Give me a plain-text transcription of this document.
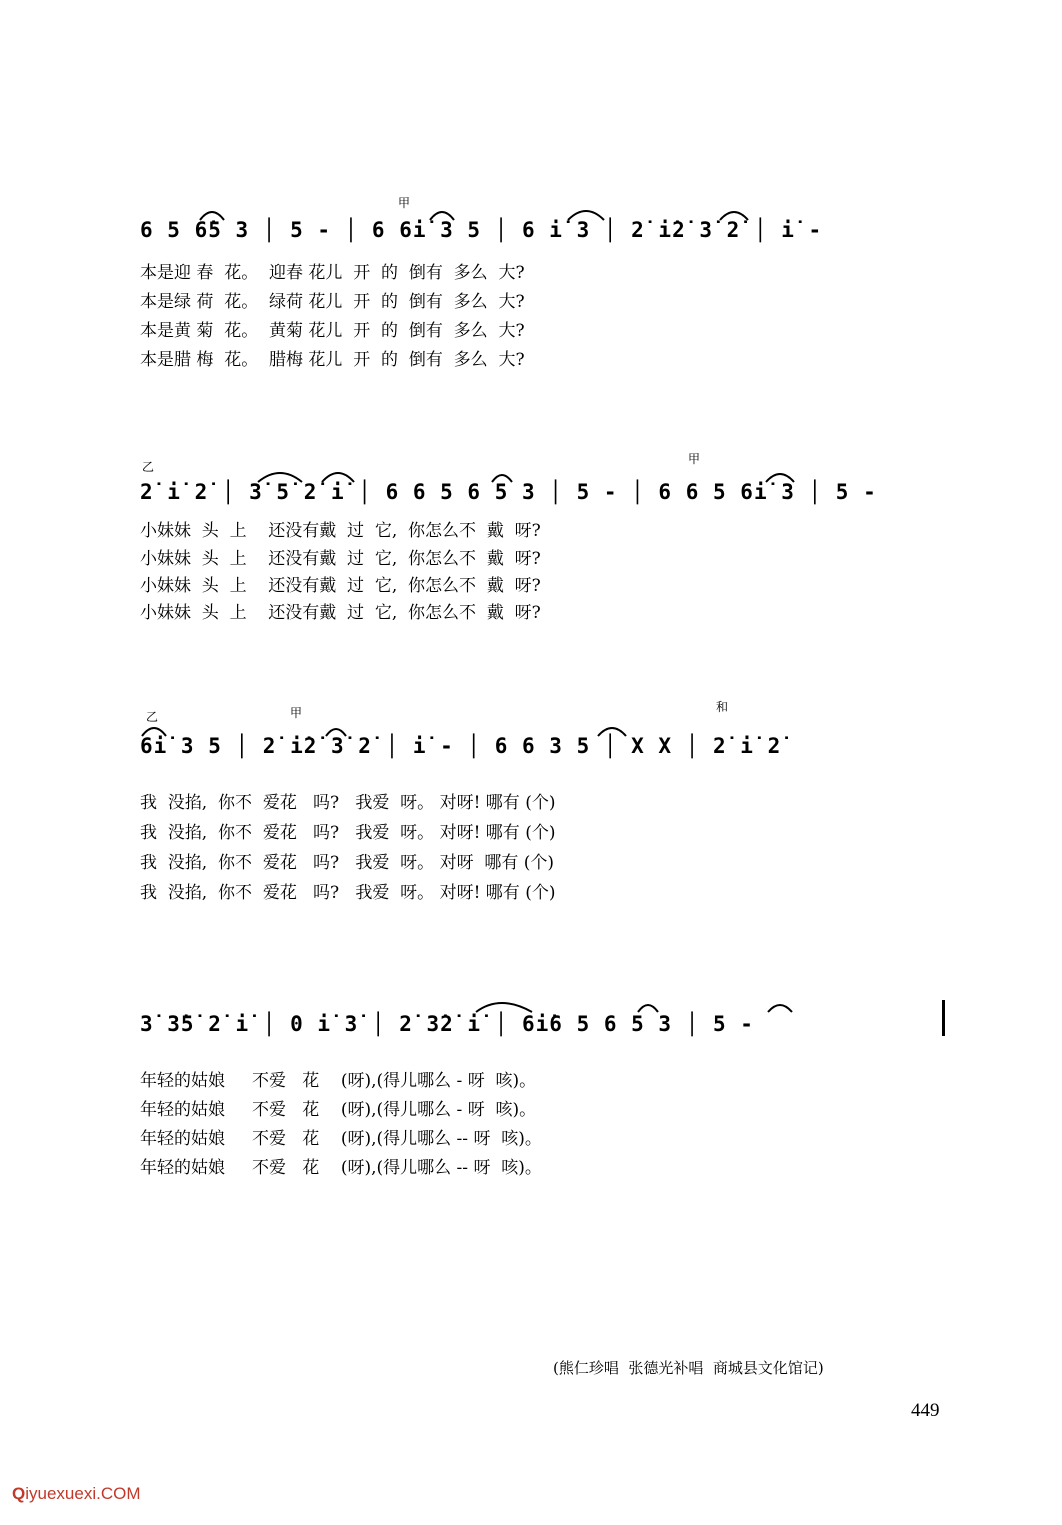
甲
6 5 6̇5 3 │ 5 - │ 6 6i̇ 3 5 │ 6 i̇ 3 │ 2̇ i̇2̇ 3̇ 2̇ │ i̇ -
本是迎 春  花。  迎春 花儿  开  的  倒有  多么  大?
本是绿 荷  花。  绿荷 花儿  开  的  倒有  多么  大?
本是黄 菊  花。  黄菊 花儿  开  的  倒有  多么  大?
本是腊 梅  花。  腊梅 花儿  开  的  倒有  多么  大?
乙
甲
2̇ i̇ 2̇ │ 3̇ 5̇ 2̇ i̇ │ 6 6 5 6 5 3 │ 5 - │ 6 6 5 6i̇ 3 │ 5 -
小妹妹  头  上    还没有戴  过  它,  你怎么不  戴  呀?
小妹妹  头  上    还没有戴  过  它,  你怎么不  戴  呀?
小妹妹  头  上    还没有戴  过  它,  你怎么不  戴  呀?
小妹妹  头  上    还没有戴  过  它,  你怎么不  戴  呀?
乙	甲	和
6i̇ 3 5 │ 2̇ i̇2̇ 3̇ 2̇ │ i̇ - │ 6 6 3 5 │ X X │ 2̇ i̇ 2̇
我  没掐,  你不  爱花   吗?   我爱  呀。 对呀! 哪有 (个)
我  没掐,  你不  爱花   吗?   我爱  呀。 对呀! 哪有 (个)
我  没掐,  你不  爱花   吗?   我爱  呀。 对呀  哪有 (个)
我  没掐,  你不  爱花   吗?   我爱  呀。 对呀! 哪有 (个)
3̇ 3̇5̇ 2̇ i̇ │ 0 i̇ 3̇ │ 2̇ 3̇2̇ i̇ │ 6i̇6 5 6 5 3 │ 5 -
年轻的姑娘     不爱   花    (呀),(得儿哪么 - 呀  咳)。
年轻的姑娘     不爱   花    (呀),(得儿哪么 - 呀  咳)。
年轻的姑娘     不爱   花    (呀),(得儿哪么 -- 呀  咳)。
年轻的姑娘     不爱   花    (呀),(得儿哪么 -- 呀  咳)。
(熊仁珍唱  张德光补唱  商城县文化馆记)
449
Qiyuexuexi.COM
